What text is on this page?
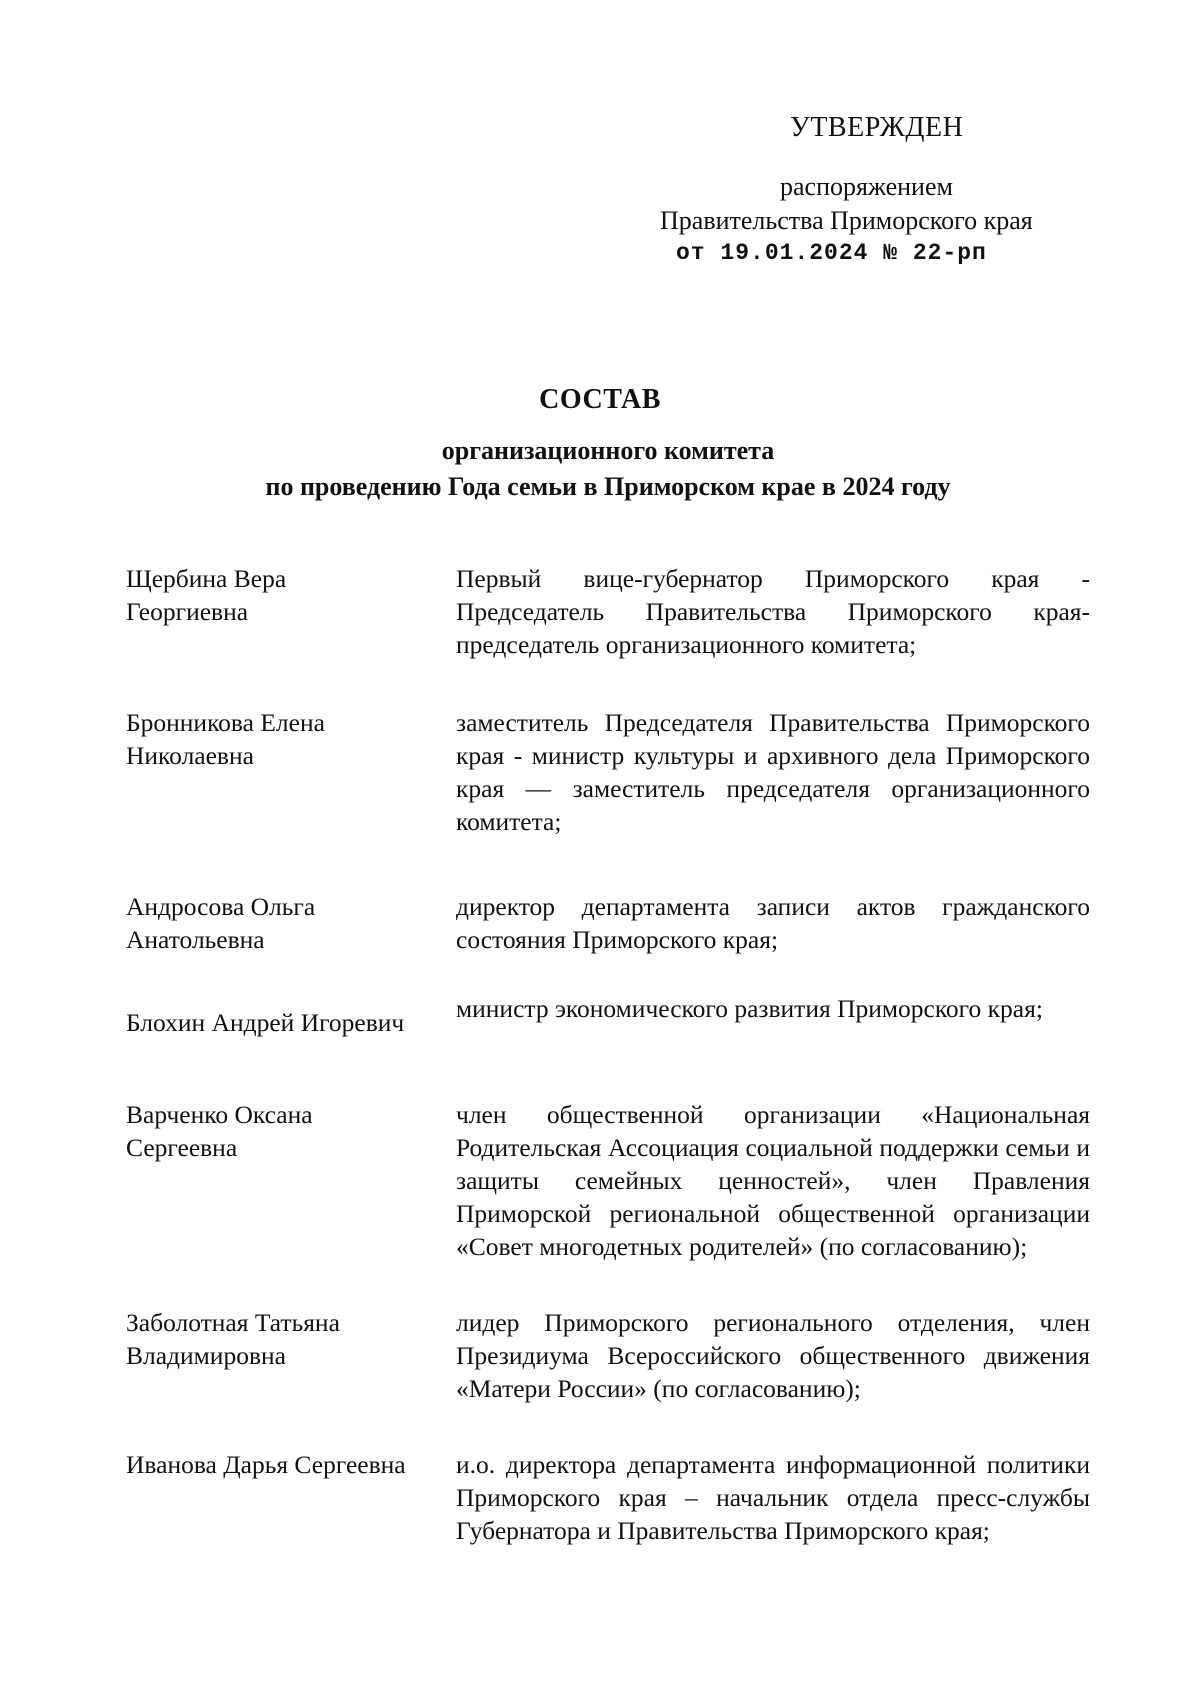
УТВЕРЖДЕН
распоряжением
Правительства Приморского края
от 19.01.2024 № 22-рп
СОСТАВ
организационного комитета
по проведению Года семьи в Приморском крае в 2024 году
Щербина Вера Георгиевна
Первый вице-губернатор Приморского края - Председатель Правительства Приморского края-председатель организационного комитета;
Бронникова Елена Николаевна
заместитель Председателя Правительства Приморского края - министр культуры и архивного дела Приморского края — заместитель председателя организационного комитета;
Андросова Ольга Анатольевна
директор департамента записи актов гражданского состояния Приморского края;
Блохин Андрей Игоревич министр экономического развития Приморского края;
Варченко Оксана Сергеевна
член общественной организации «Национальная Родительская Ассоциация социальной поддержки семьи и защиты семейных ценностей», член Правления Приморской региональной общественной организации «Совет многодетных родителей» (по согласованию);
Заболотная Татьяна Владимировна
лидер Приморского регионального отделения, член Президиума Всероссийского общественного движения «Матери России» (по согласованию);
Иванова Дарья Сергеевна и.о. директора департамента информационной политики Приморского края – начальник отдела пресс-службы Губернатора и Правительства Приморского края;
